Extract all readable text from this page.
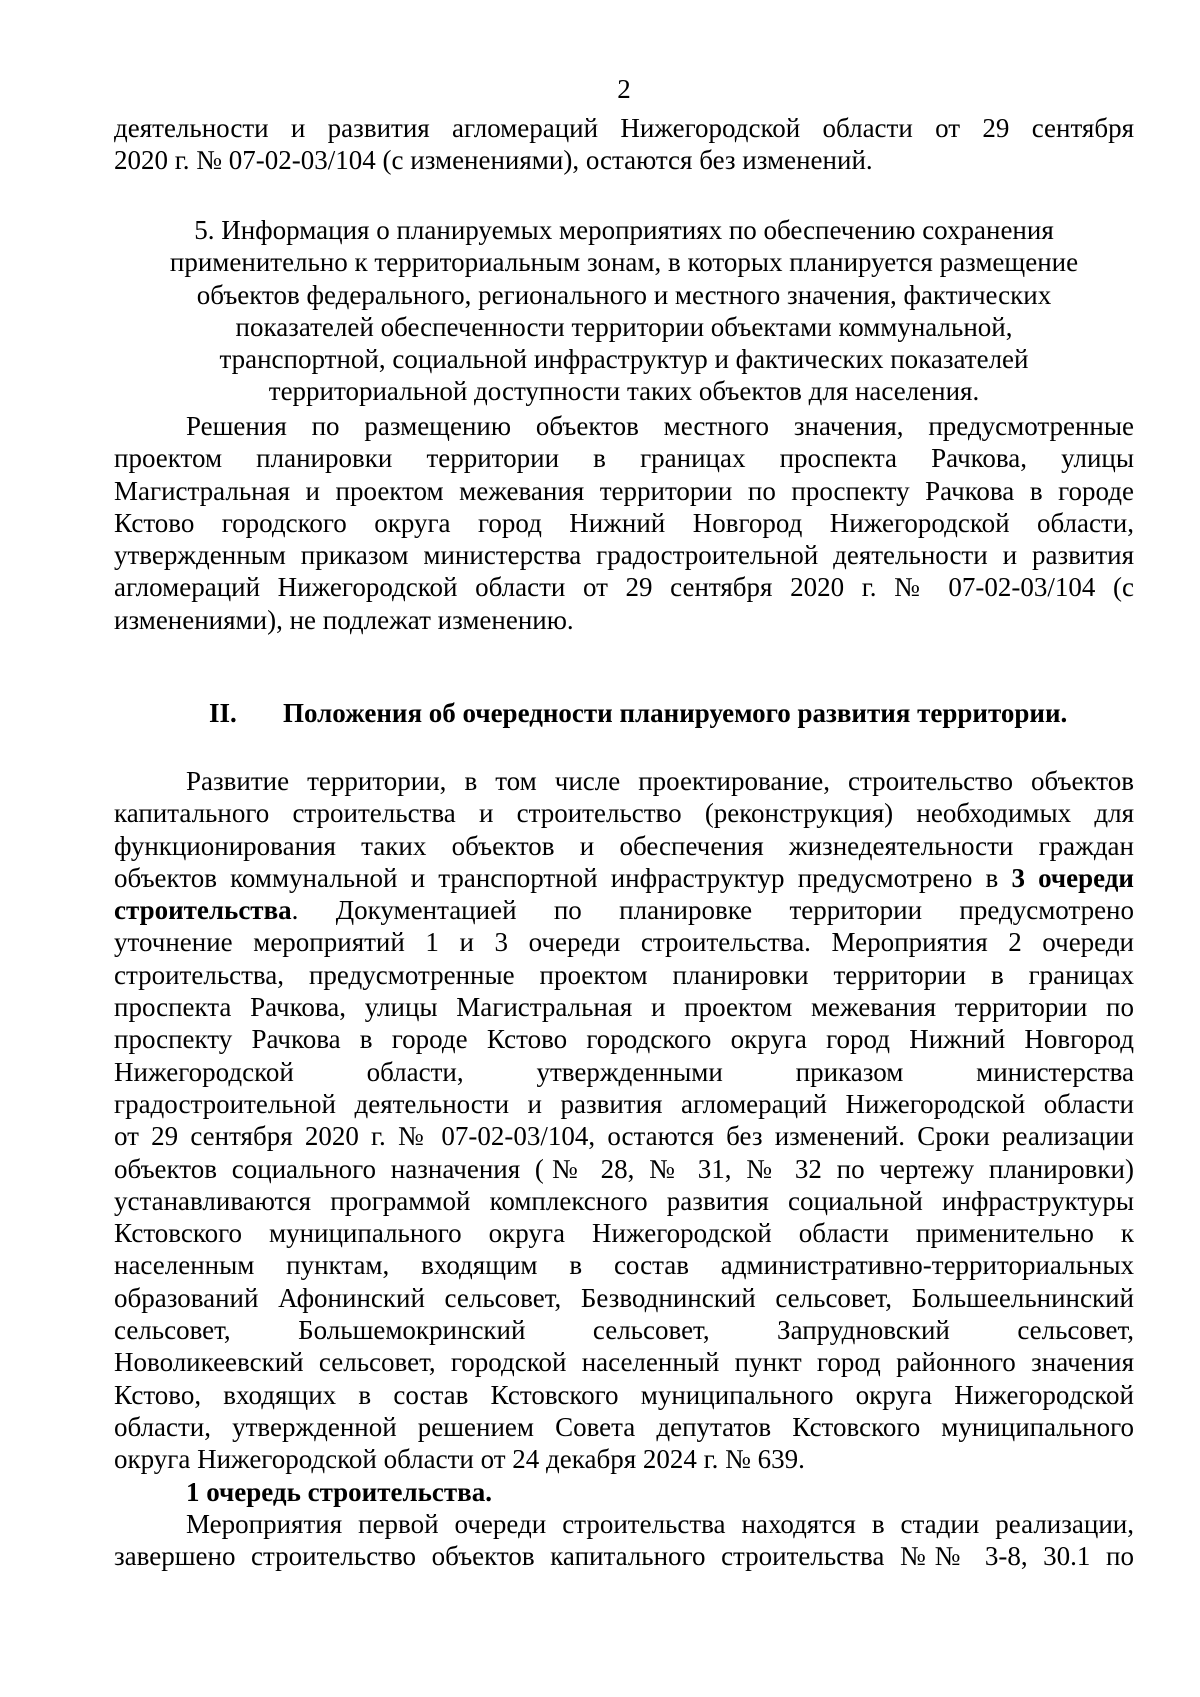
2
деятельности и развития агломераций Нижегородской области от 29 сентября
2020 г. № 07-02-03/104 (с изменениями), остаются без изменений.
5. Информация о планируемых мероприятиях по обеспечению сохранения
применительно к территориальным зонам, в которых планируется размещение
объектов федерального, регионального и местного значения, фактических
показателей обеспеченности территории объектами коммунальной,
транспортной, социальной инфраструктур и фактических показателей
территориальной доступности таких объектов для населения.
Решения по размещению объектов местного значения, предусмотренные
проектом планировки территории в границах проспекта Рачкова, улицы
Магистральная и проектом межевания территории по проспекту Рачкова в городе
Кстово городского округа город Нижний Новгород Нижегородской области,
утвержденным приказом министерства градостроительной деятельности и развития
агломераций Нижегородской области от 29 сентября 2020 г. № 07-02-03/104 (с
изменениями), не подлежат изменению.
II. Положения об очередности планируемого развития территории.
Развитие территории, в том числе проектирование, строительство объектов
капитального строительства и строительство (реконструкция) необходимых для
функционирования таких объектов и обеспечения жизнедеятельности граждан
объектов коммунальной и транспортной инфраструктур предусмотрено в 3 очереди
строительства. Документацией по планировке территории предусмотрено
уточнение мероприятий 1 и 3 очереди строительства. Мероприятия 2 очереди
строительства, предусмотренные проектом планировки территории в границах
проспекта Рачкова, улицы Магистральная и проектом межевания территории по
проспекту Рачкова в городе Кстово городского округа город Нижний Новгород
Нижегородской области, утвержденными приказом министерства
градостроительной деятельности и развития агломераций Нижегородской области
от 29 сентября 2020 г. № 07-02-03/104, остаются без изменений. Сроки реализации
объектов социального назначения (№ 28, № 31, № 32 по чертежу планировки)
устанавливаются программой комплексного развития социальной инфраструктуры
Кстовского муниципального округа Нижегородской области применительно к
населенным пунктам, входящим в состав административно-территориальных
образований Афонинский сельсовет, Безводнинский сельсовет, Большеельнинский
сельсовет, Большемокринский сельсовет, Запрудновский сельсовет,
Новоликеевский сельсовет, городской населенный пункт город районного значения
Кстово, входящих в состав Кстовского муниципального округа Нижегородской
области, утвержденной решением Совета депутатов Кстовского муниципального
округа Нижегородской области от 24 декабря 2024 г. № 639.
1 очередь строительства.
Мероприятия первой очереди строительства находятся в стадии реализации,
завершено строительство объектов капитального строительства №№ 3-8, 30.1 по
